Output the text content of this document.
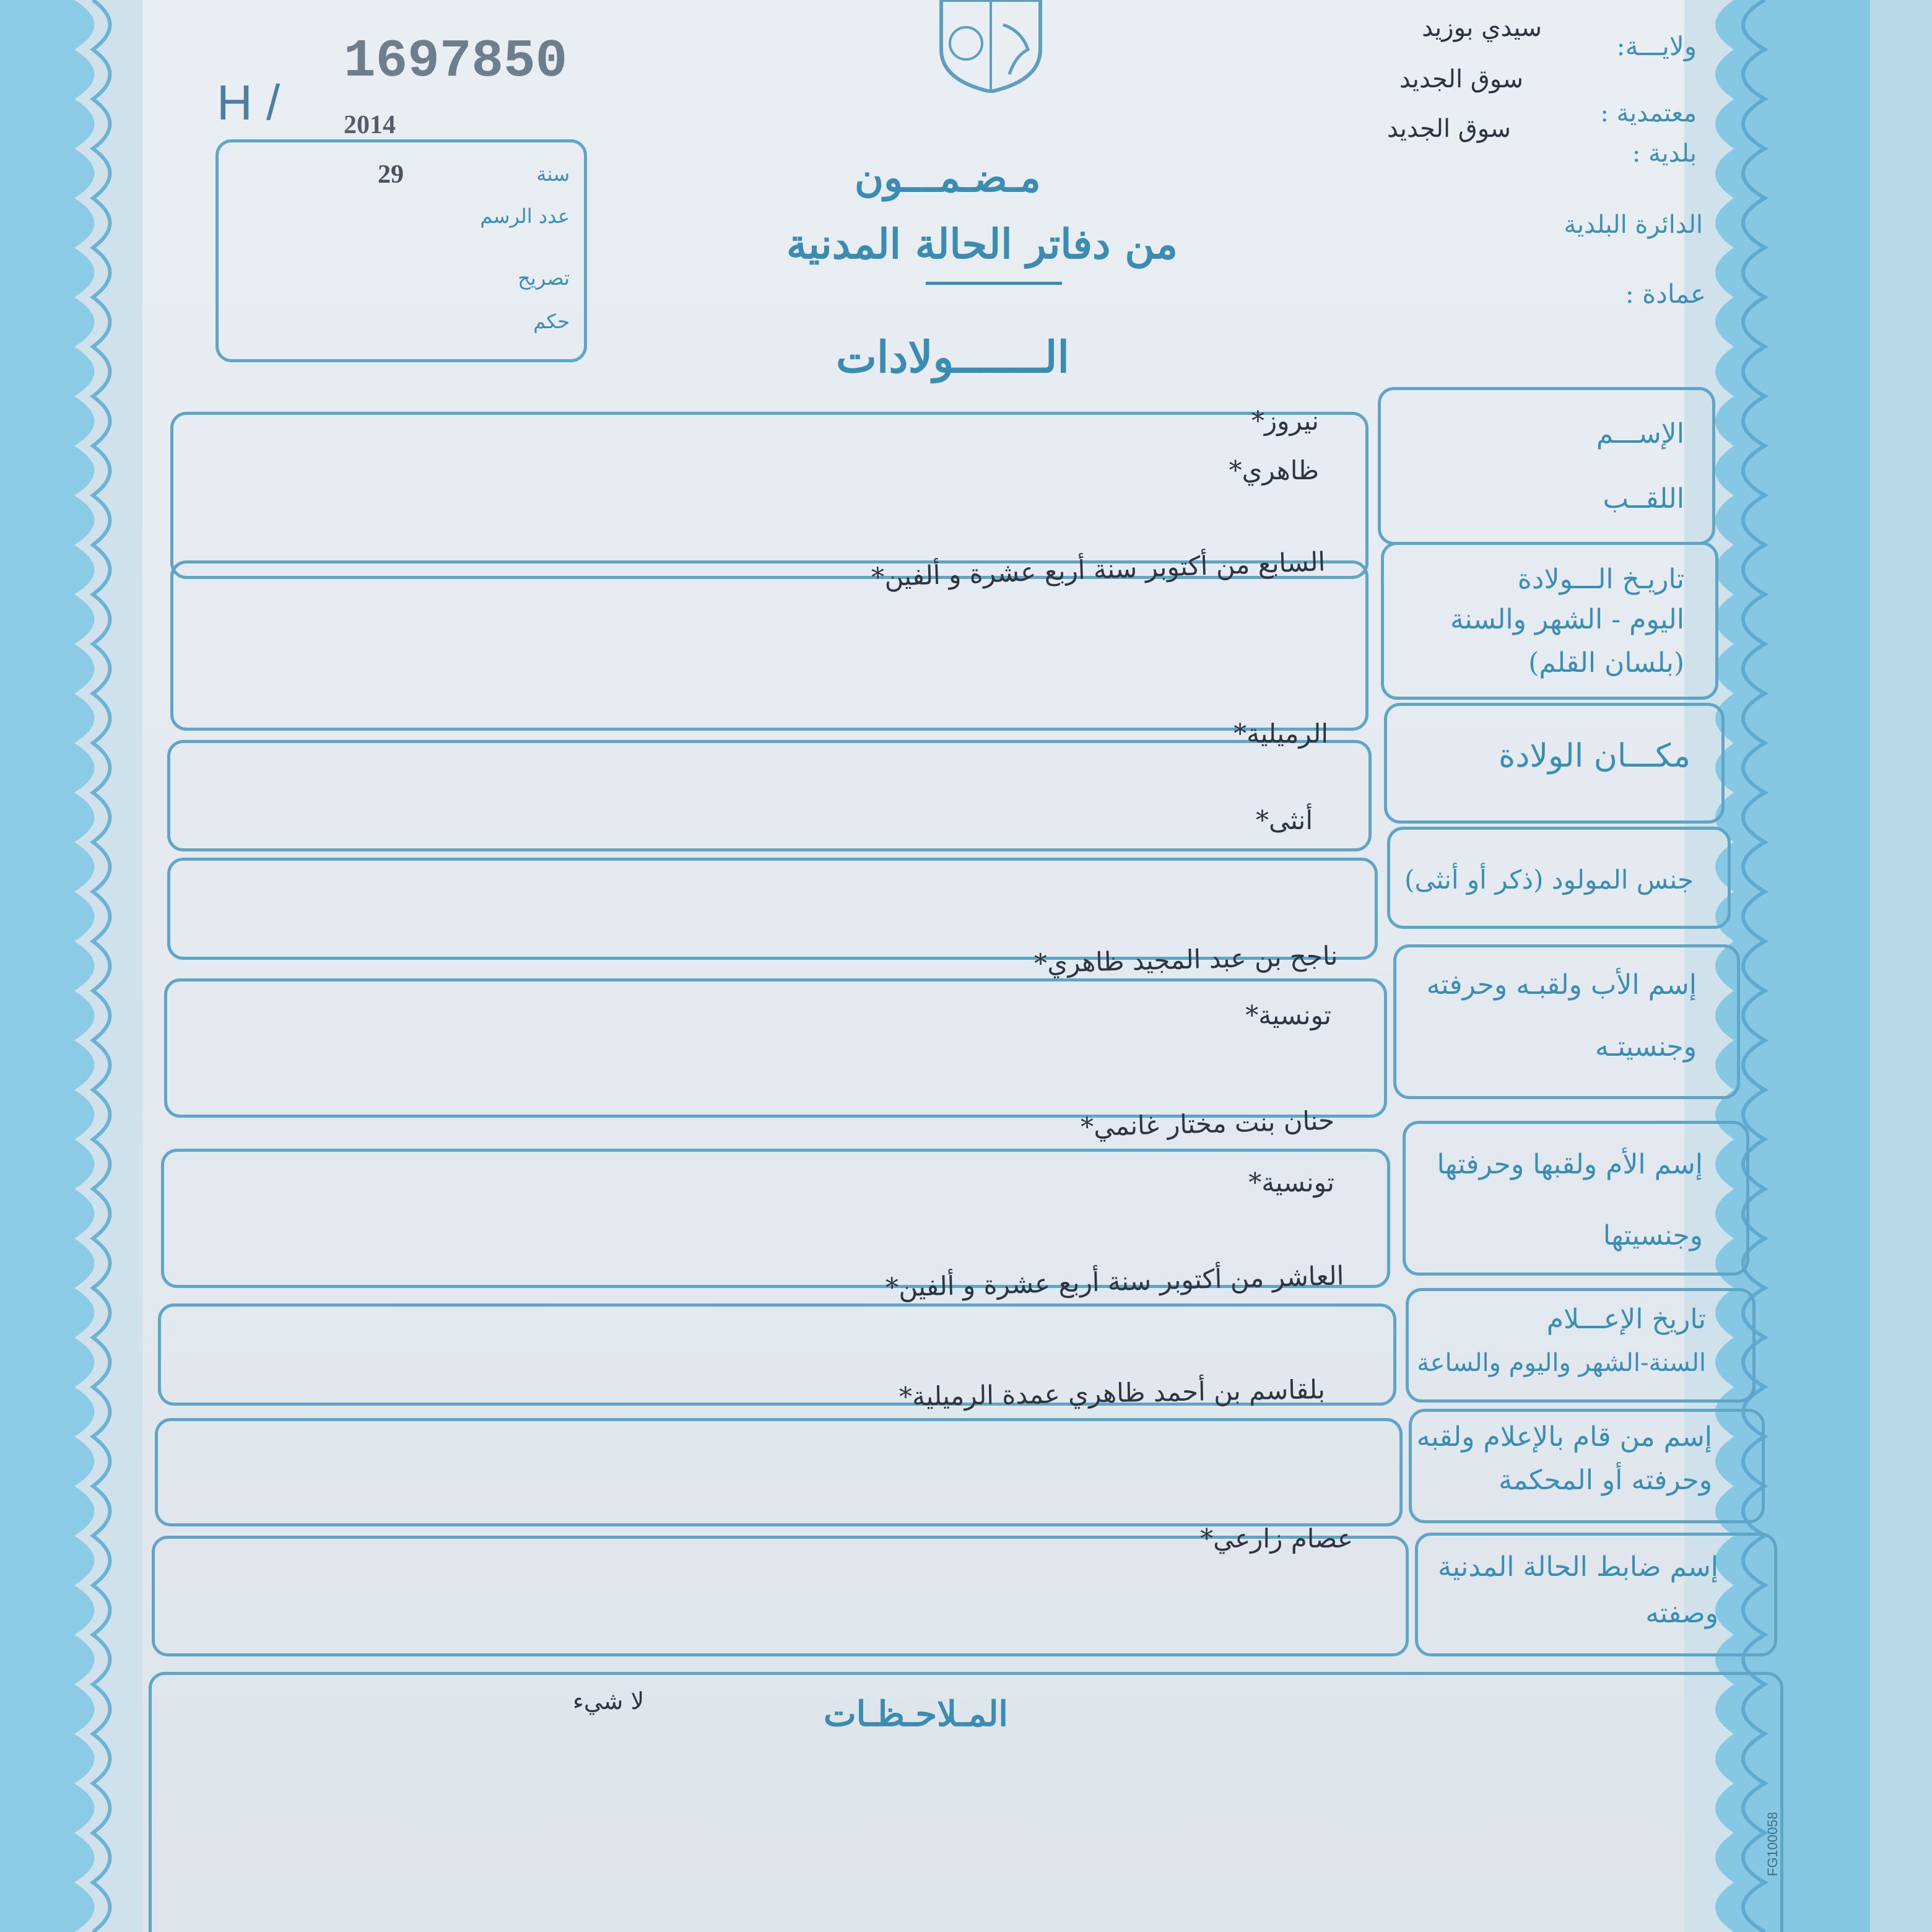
H /
1697850
2014
29	سنة
عدد الرسم
تصريح
حكم
ولايـــة:
سيدي بوزيد
معتمدية :
سوق الجديد
بلدية :
سوق الجديد
الدائرة البلدية
عمادة :
مـضـمـــون
من دفاتر الحالة المدنية
الـــــــولادات
الإســـم
اللقــب
نيروز*
ظاهري*
تاريـخ الـــولادة
اليوم - الشهر والسنة
(بلسان القلم)
السابع من أكتوبر سنة أربع عشرة و ألفين*
مكـــان الولادة
الرميلية*
جنس المولود (ذكر أو أنثى)
أنثى*
إسم الأب ولقبـه وحرفته
وجنسيتـه
ناجح بن عبد المجيد ظاهري*
تونسية*
إسم الأم ولقبها وحرفتها
وجنسيتها
حنان بنت مختار غانمي*
تونسية*
تاريخ الإعـــلام
السنة-الشهر واليوم والساعة
العاشر من أكتوبر سنة أربع عشرة و ألفين*
إسم من قام بالإعلام ولقبه
وحرفته أو المحكمة
بلقاسم بن أحمد ظاهري عمدة الرميلية*
إسم ضابط الحالة المدنية
وصفته
عصام زارعي*
المـلاحـظـات
لا شيء
FG100058
